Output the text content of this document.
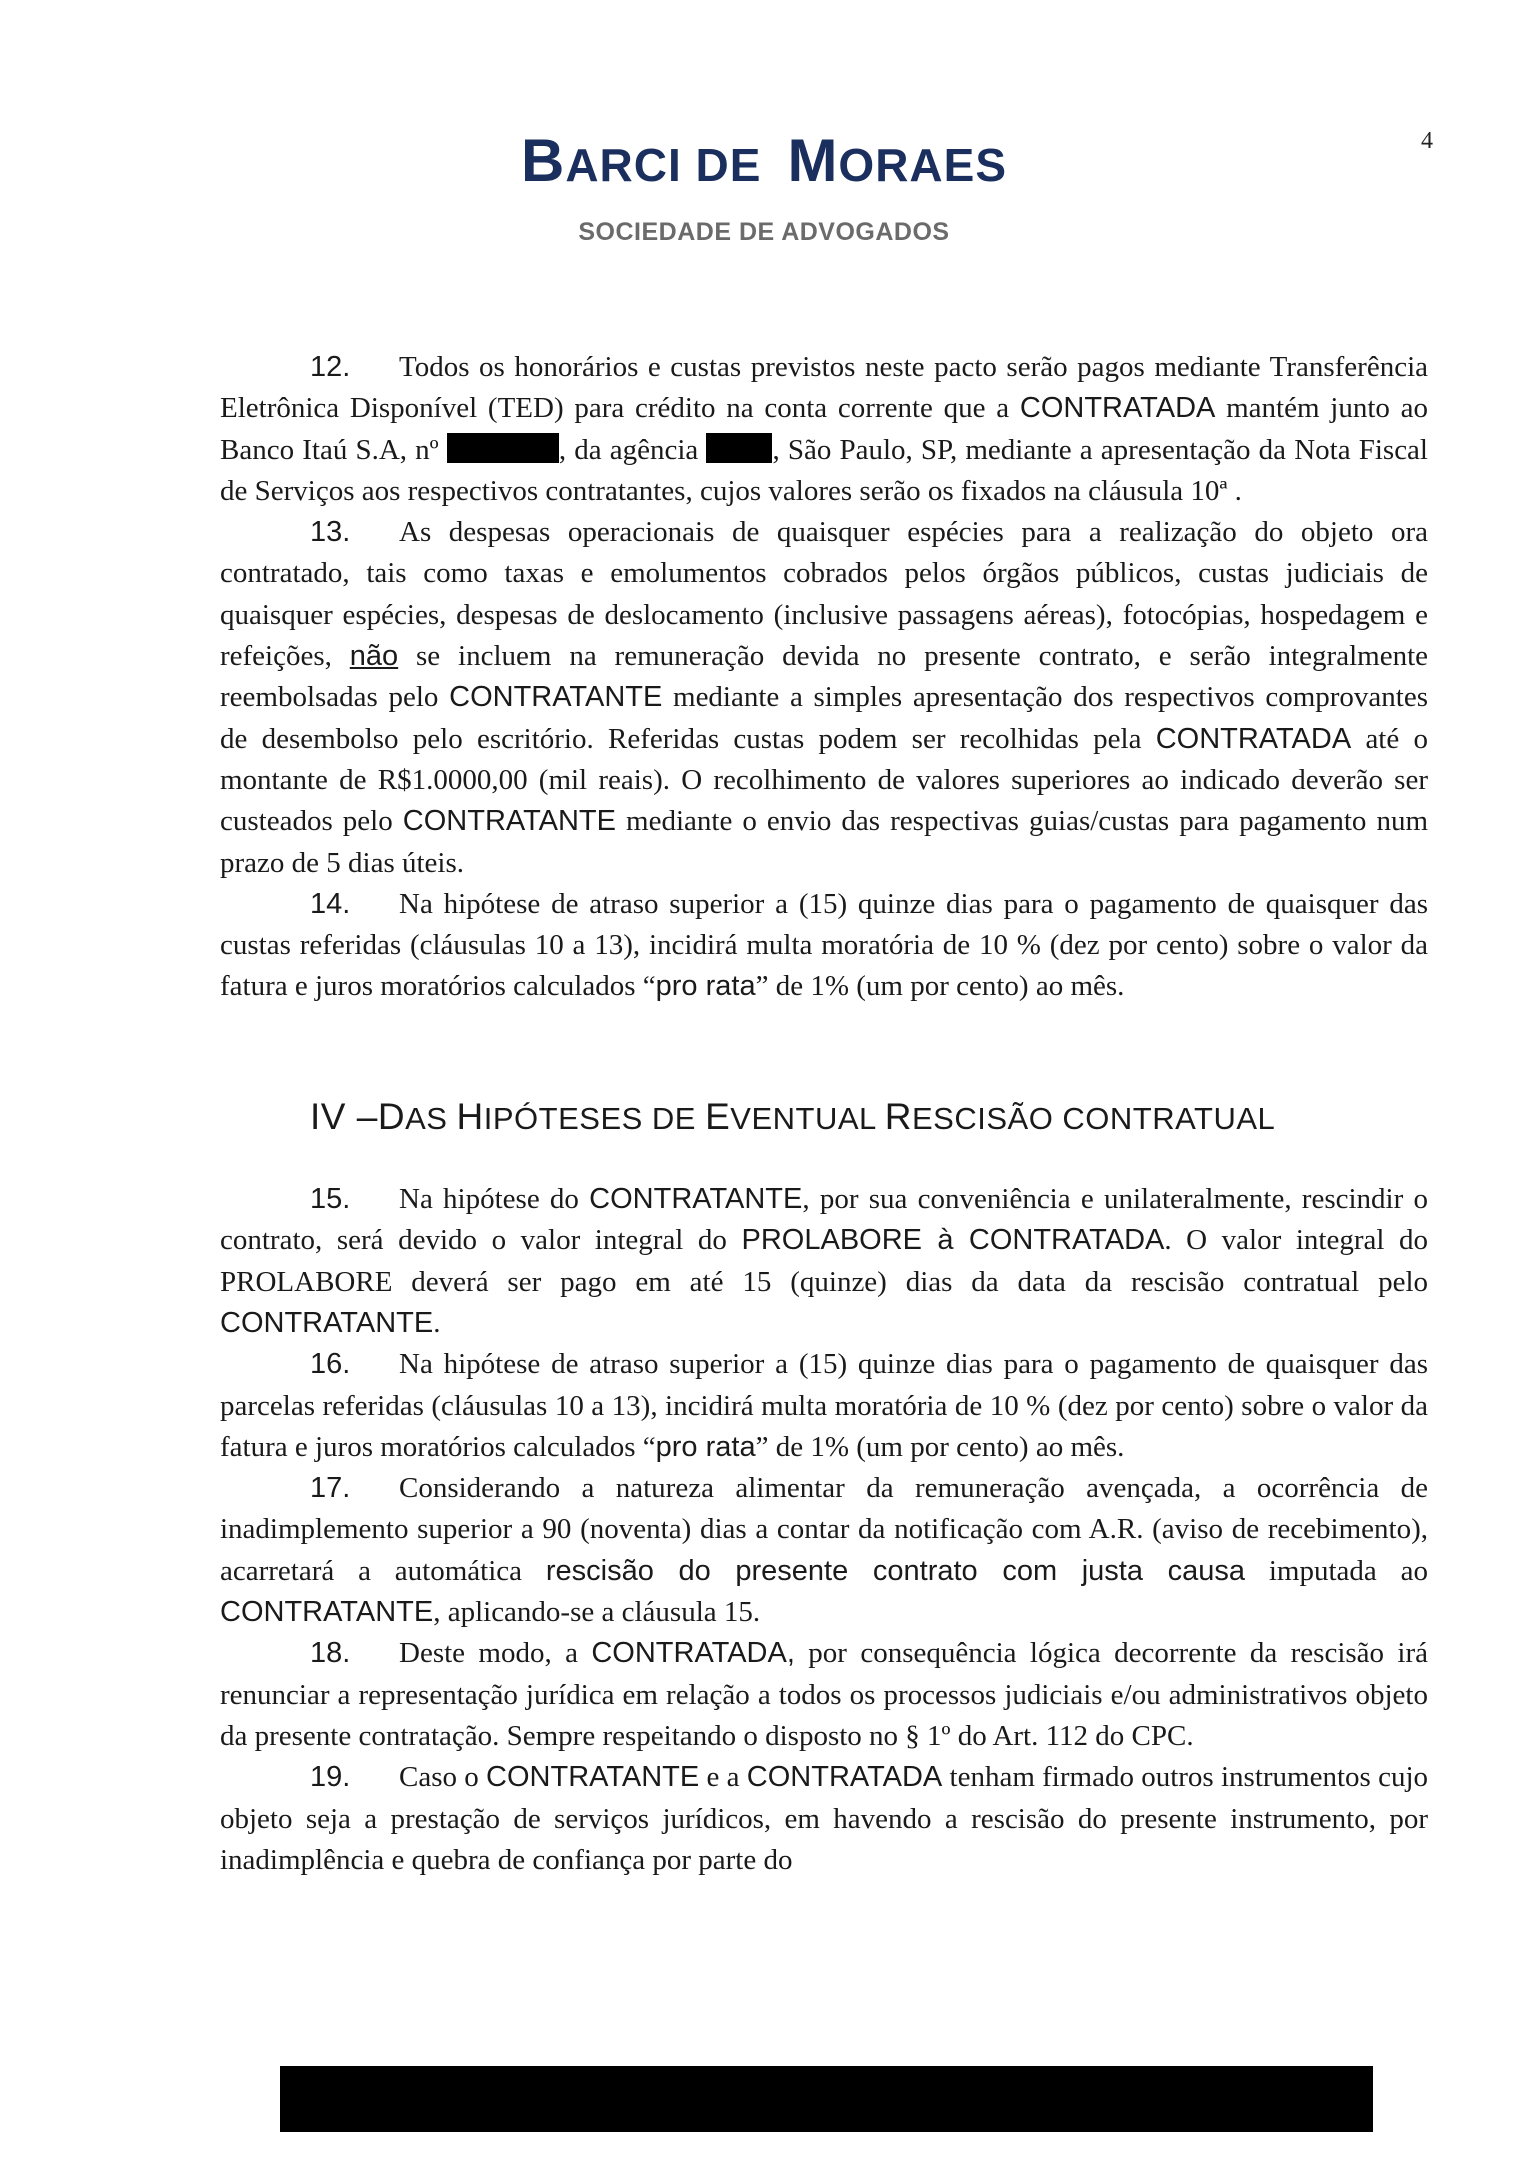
4
BARCI DE MORAES
SOCIEDADE DE ADVOGADOS

12. Todos os honorários e custas previstos neste pacto serão pagos mediante Transferência Eletrônica Disponível (TED) para crédito na conta corrente que a CONTRATADA mantém junto ao Banco Itaú S.A, nº	, da agência , São Paulo, SP, mediante a apresentação da Nota Fiscal de Serviços aos respectivos contratantes, cujos valores serão os fixados na cláusula 10ª .

13. As despesas operacionais de quaisquer espécies para a realização do objeto ora contratado, tais como taxas e emolumentos cobrados pelos órgãos públicos, custas judiciais de quaisquer espécies, despesas de deslocamento (inclusive passagens aéreas), fotocópias, hospedagem e refeições, não se incluem na remuneração devida no presente contrato, e serão integralmente reembolsadas pelo CONTRATANTE mediante a simples apresentação dos respectivos comprovantes de desembolso pelo escritório. Referidas custas podem ser recolhidas pela CONTRATADA até o montante de R$1.0000,00 (mil reais). O recolhimento de valores superiores ao indicado deverão ser custeados pelo CONTRATANTE mediante o envio das respectivas guias/custas para pagamento num prazo de 5 dias úteis.

14. Na hipótese de atraso superior a (15) quinze dias para o pagamento de quaisquer das custas referidas (cláusulas 10 a 13), incidirá multa moratória de 10 % (dez por cento) sobre o valor da fatura e juros moratórios calculados “pro rata” de 1% (um por cento) ao mês.

IV –DAS HIPÓTESES DE EVENTUAL RESCISÃO CONTRATUAL

15. Na hipótese do CONTRATANTE, por sua conveniência e unilateralmente, rescindir o contrato, será devido o valor integral do PROLABORE à CONTRATADA. O valor integral do PROLABORE deverá ser pago em até 15 (quinze) dias da data da rescisão contratual pelo CONTRATANTE.

16. Na hipótese de atraso superior a (15) quinze dias para o pagamento de quaisquer das parcelas referidas (cláusulas 10 a 13), incidirá multa moratória de 10 % (dez por cento) sobre o valor da fatura e juros moratórios calculados “pro rata” de 1% (um por cento) ao mês.

17. Considerando a natureza alimentar da remuneração avençada, a ocorrência de inadimplemento superior a 90 (noventa) dias a contar da notificação com A.R. (aviso de recebimento), acarretará a automática rescisão do presente contrato com justa causa imputada ao CONTRATANTE, aplicando-se a cláusula 15.

18. Deste modo, a CONTRATADA, por consequência lógica decorrente da rescisão irá renunciar a representação jurídica em relação a todos os processos judiciais e/ou administrativos objeto da presente contratação. Sempre respeitando o disposto no § 1º do Art. 112 do CPC.

19. Caso o CONTRATANTE e a CONTRATADA tenham firmado outros instrumentos cujo objeto seja a prestação de serviços jurídicos, em havendo a rescisão do presente instrumento, por inadimplência e quebra de confiança por parte do
